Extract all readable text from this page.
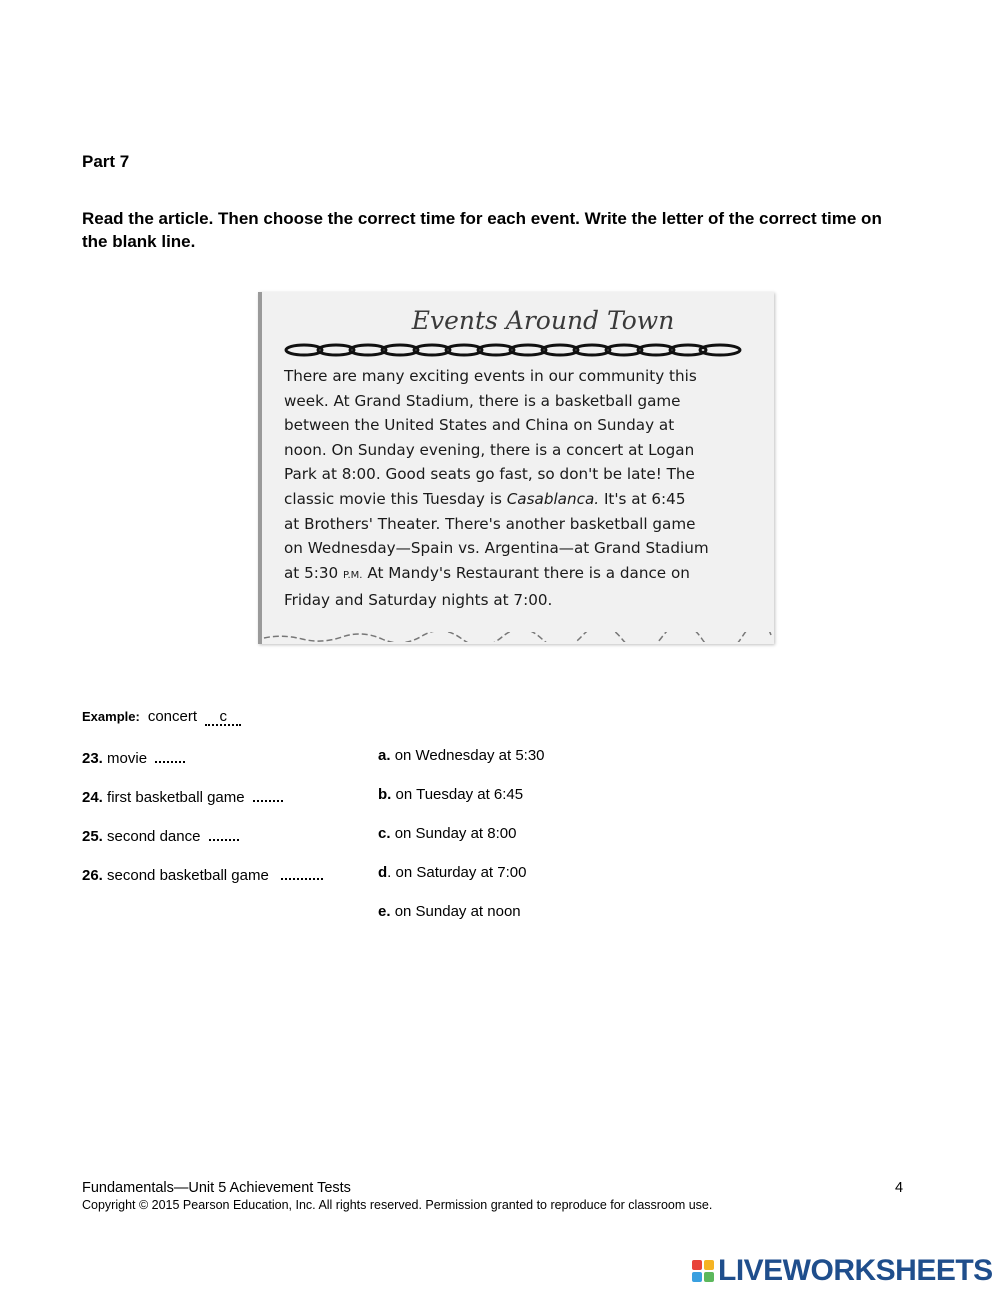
Part 7
Read the article. Then choose the correct time for each event. Write the letter of the correct time on the blank line.
Events Around Town
There are many exciting events in our community this
week. At Grand Stadium, there is a basketball game
between the United States and China on Sunday at
noon. On Sunday evening, there is a concert at Logan
Park at 8:00. Good seats go fast, so don't be late! The
classic movie this Tuesday is Casablanca. It's at 6:45
at Brothers' Theater. There's another basketball game
on Wednesday—Spain vs. Argentina—at Grand Stadium
at 5:30 P.M. At Mandy's Restaurant there is a dance on
Friday and Saturday nights at 7:00.
Example: concert c
23. movie
24. first basketball game
25. second dance
26. second basketball game
a. on Wednesday at 5:30
b. on Tuesday at 6:45
c. on Sunday at 8:00
d. on Saturday at 7:00
e. on Sunday at noon
Fundamentals—Unit 5 Achievement Tests	4
Copyright © 2015 Pearson Education, Inc. All rights reserved. Permission granted to reproduce for classroom use.
LIVEWORKSHEETS
